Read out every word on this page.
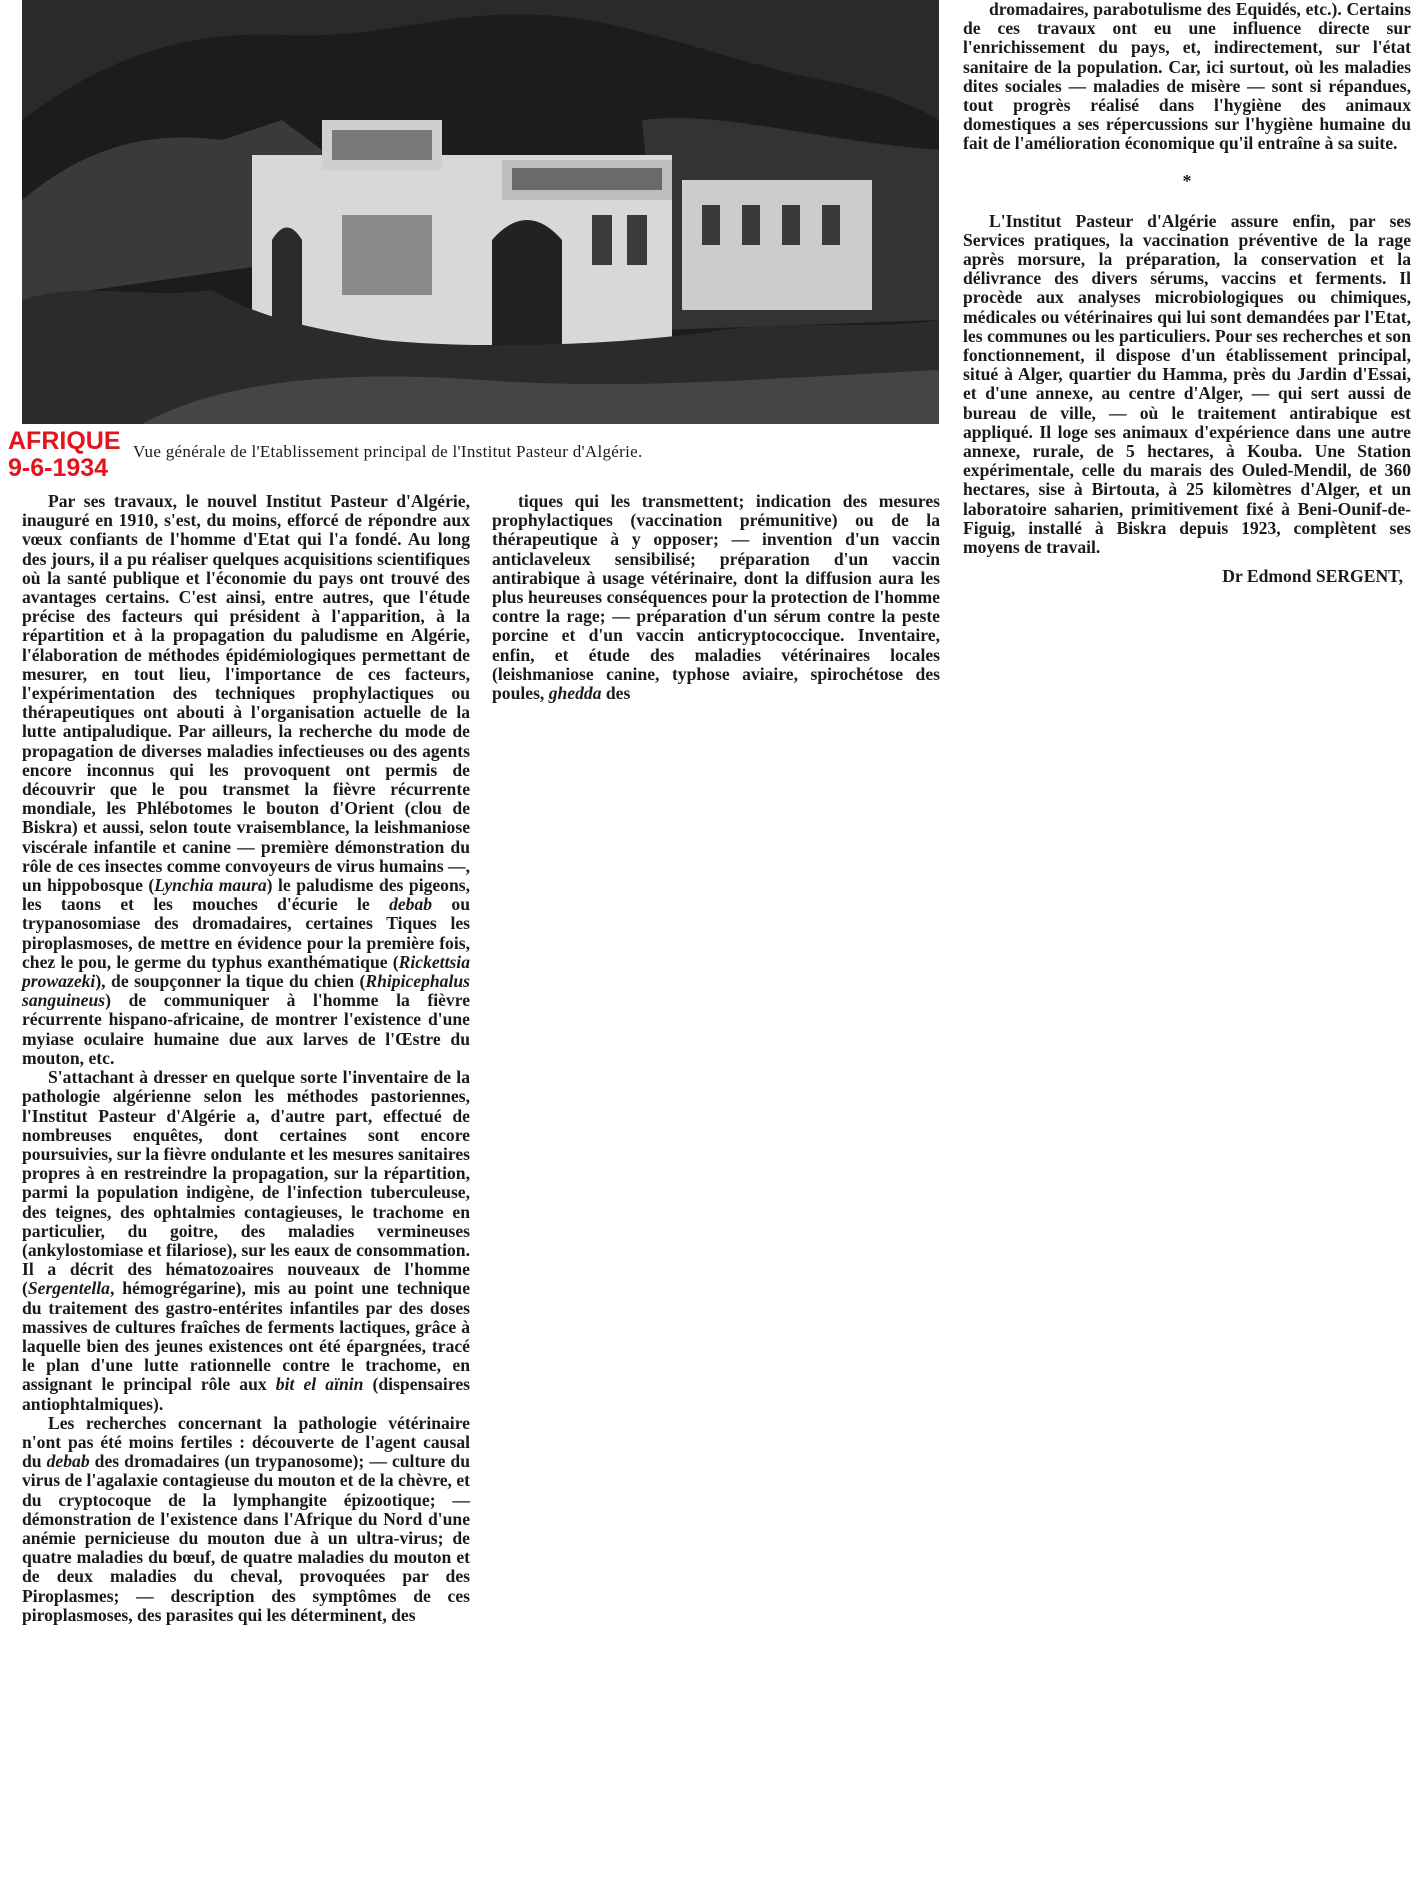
AFRIQUE
9-6-1934
Vue générale de l'Etablissement principal de l'Institut Pasteur d'Algérie.

Par ses travaux, le nouvel Institut Pasteur d'Algérie, inauguré en 1910, s'est, du moins, efforcé de répondre aux vœux confiants de l'homme d'Etat qui l'a fondé. Au long des jours, il a pu réaliser quelques acquisitions scientifiques où la santé publique et l'économie du pays ont trouvé des avantages certains. C'est ainsi, entre autres, que l'étude précise des facteurs qui président à l'apparition, à la répartition et à la propagation du paludisme en Algérie, l'élaboration de méthodes épidémiologiques permettant de mesurer, en tout lieu, l'importance de ces facteurs, l'expérimentation des techniques prophylactiques ou thérapeutiques ont abouti à l'organisation actuelle de la lutte antipaludique. Par ailleurs, la recherche du mode de propagation de diverses maladies infectieuses ou des agents encore inconnus qui les provoquent ont permis de découvrir que le pou transmet la fièvre récurrente mondiale, les Phlébotomes le bouton d'Orient (clou de Biskra) et aussi, selon toute vraisemblance, la leishmaniose viscérale infantile et canine — première démonstration du rôle de ces insectes comme convoyeurs de virus humains —, un hippobosque (Lynchia maura) le paludisme des pigeons, les taons et les mouches d'écurie le debab ou trypanosomiase des dromadaires, certaines Tiques les piroplasmoses, de mettre en évidence pour la première fois, chez le pou, le germe du typhus exanthématique (Rickettsia prowazeki), de soupçonner la tique du chien (Rhipicephalus sanguineus) de communiquer à l'homme la fièvre récurrente hispano-africaine, de montrer l'existence d'une myiase oculaire humaine due aux larves de l'Œstre du mouton, etc.

S'attachant à dresser en quelque sorte l'inventaire de la pathologie algérienne selon les méthodes pastoriennes, l'Institut Pasteur d'Algérie a, d'autre part, effectué de nombreuses enquêtes, dont certaines sont encore poursuivies, sur la fièvre ondulante et les mesures sanitaires propres à en restreindre la propagation, sur la répartition, parmi la population indigène, de l'infection tuberculeuse, des teignes, des ophtalmies contagieuses, le trachome en particulier, du goitre, des maladies vermineuses (ankylostomiase et filariose), sur les eaux de consommation. Il a décrit des hématozoaires nouveaux de l'homme (Sergentella, hémogrégarine), mis au point une technique du traitement des gastro-entérites infantiles par des doses massives de cultures fraîches de ferments lactiques, grâce à laquelle bien des jeunes existences ont été épargnées, tracé le plan d'une lutte rationnelle contre le trachome, en assignant le principal rôle aux bit el aïnin (dispensaires antiophtalmiques).

Les recherches concernant la pathologie vétérinaire n'ont pas été moins fertiles : découverte de l'agent causal du debab des dromadaires (un trypanosome); — culture du virus de l'agalaxie contagieuse du mouton et de la chèvre, et du cryptocoque de la lymphangite épizootique; — démonstration de l'existence dans l'Afrique du Nord d'une anémie pernicieuse du mouton due à un ultra-virus; de quatre maladies du bœuf, de quatre maladies du mouton et de deux maladies du cheval, provoquées par des Piroplasmes; — description des symptômes de ces piroplasmoses, des parasites qui les déterminent, des

tiques qui les transmettent; indication des mesures prophylactiques (vaccination prémunitive) ou de la thérapeutique à y opposer; — invention d'un vaccin anticlaveleux sensibilisé; préparation d'un vaccin antirabique à usage vétérinaire, dont la diffusion aura les plus heureuses conséquences pour la protection de l'homme contre la rage; — préparation d'un sérum contre la peste porcine et d'un vaccin anticryptococcique. Inventaire, enfin, et étude des maladies vétérinaires locales (leishmaniose canine, typhose aviaire, spirochétose des poules, ghedda des

dromadaires, parabotulisme des Equidés, etc.). Certains de ces travaux ont eu une influence directe sur l'enrichissement du pays, et, indirectement, sur l'état sanitaire de la population. Car, ici surtout, où les maladies dites sociales — maladies de misère — sont si répandues, tout progrès réalisé dans l'hygiène des animaux domestiques a ses répercussions sur l'hygiène humaine du fait de l'amélioration économique qu'il entraîne à sa suite.

*

L'Institut Pasteur d'Algérie assure enfin, par ses Services pratiques, la vaccination préventive de la rage après morsure, la préparation, la conservation et la délivrance des divers sérums, vaccins et ferments. Il procède aux analyses microbiologiques ou chimiques, médicales ou vétérinaires qui lui sont demandées par l'Etat, les communes ou les particuliers. Pour ses recherches et son fonctionnement, il dispose d'un établissement principal, situé à Alger, quartier du Hamma, près du Jardin d'Essai, et d'une annexe, au centre d'Alger, — qui sert aussi de bureau de ville, — où le traitement antirabique est appliqué. Il loge ses animaux d'expérience dans une autre annexe, rurale, de 5 hectares, à Kouba. Une Station expérimentale, celle du marais des Ouled-Mendil, de 360 hectares, sise à Birtouta, à 25 kilomètres d'Alger, et un laboratoire saharien, primitivement fixé à Beni-Ounif-de-Figuig, installé à Biskra depuis 1923, complètent ses moyens de travail.

Dr Edmond SERGENT,
